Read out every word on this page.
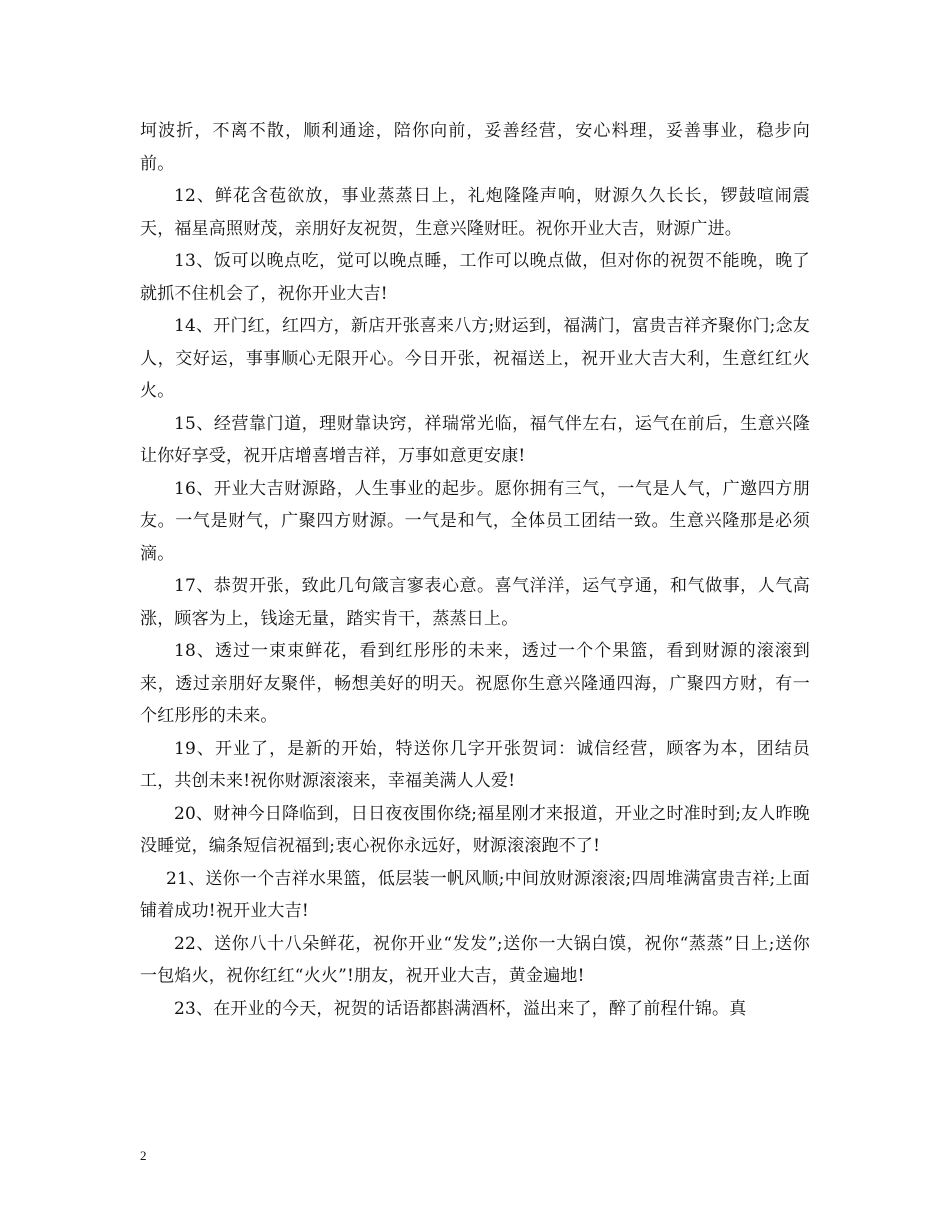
坷波折，不离不散，顺利通途，陪你向前，妥善经营，安心料理，妥善事业，稳步向前。

12、鲜花含苞欲放，事业蒸蒸日上，礼炮隆隆声响，财源久久长长，锣鼓喧闹震天，福星高照财茂，亲朋好友祝贺，生意兴隆财旺。祝你开业大吉，财源广进。

13、饭可以晚点吃，觉可以晚点睡，工作可以晚点做，但对你的祝贺不能晚，晚了就抓不住机会了，祝你开业大吉!

14、开门红，红四方，新店开张喜来八方;财运到，福满门，富贵吉祥齐聚你门;念友人，交好运，事事顺心无限开心。今日开张，祝福送上，祝开业大吉大利，生意红红火火。

15、经营靠门道，理财靠诀窍，祥瑞常光临，福气伴左右，运气在前后，生意兴隆让你好享受，祝开店增喜增吉祥，万事如意更安康!

16、开业大吉财源路，人生事业的起步。愿你拥有三气，一气是人气，广邀四方朋友。一气是财气，广聚四方财源。一气是和气，全体员工团结一致。生意兴隆那是必须滴。

17、恭贺开张，致此几句箴言寥表心意。喜气洋洋，运气亨通，和气做事，人气高涨，顾客为上，钱途无量，踏实肯干，蒸蒸日上。

18、透过一束束鲜花，看到红彤彤的未来，透过一个个果篮，看到财源的滚滚到来，透过亲朋好友聚伴，畅想美好的明天。祝愿你生意兴隆通四海，广聚四方财，有一个红彤彤的未来。

19、开业了，是新的开始，特送你几字开张贺词：诚信经营，顾客为本，团结员工，共创未来!祝你财源滚滚来，幸福美满人人爱!

20、财神今日降临到，日日夜夜围你绕;福星刚才来报道，开业之时准时到;友人昨晚没睡觉，编条短信祝福到;衷心祝你永远好，财源滚滚跑不了!

21、送你一个吉祥水果篮，低层装一帆风顺;中间放财源滚滚;四周堆满富贵吉祥;上面铺着成功!祝开业大吉!

22、送你八十八朵鲜花，祝你开业“发发”;送你一大锅白馍，祝你“蒸蒸”日上;送你一包焰火，祝你红红“火火”!朋友，祝开业大吉，黄金遍地!

23、在开业的今天，祝贺的话语都斟满酒杯，溢出来了，醉了前程什锦。真

2
